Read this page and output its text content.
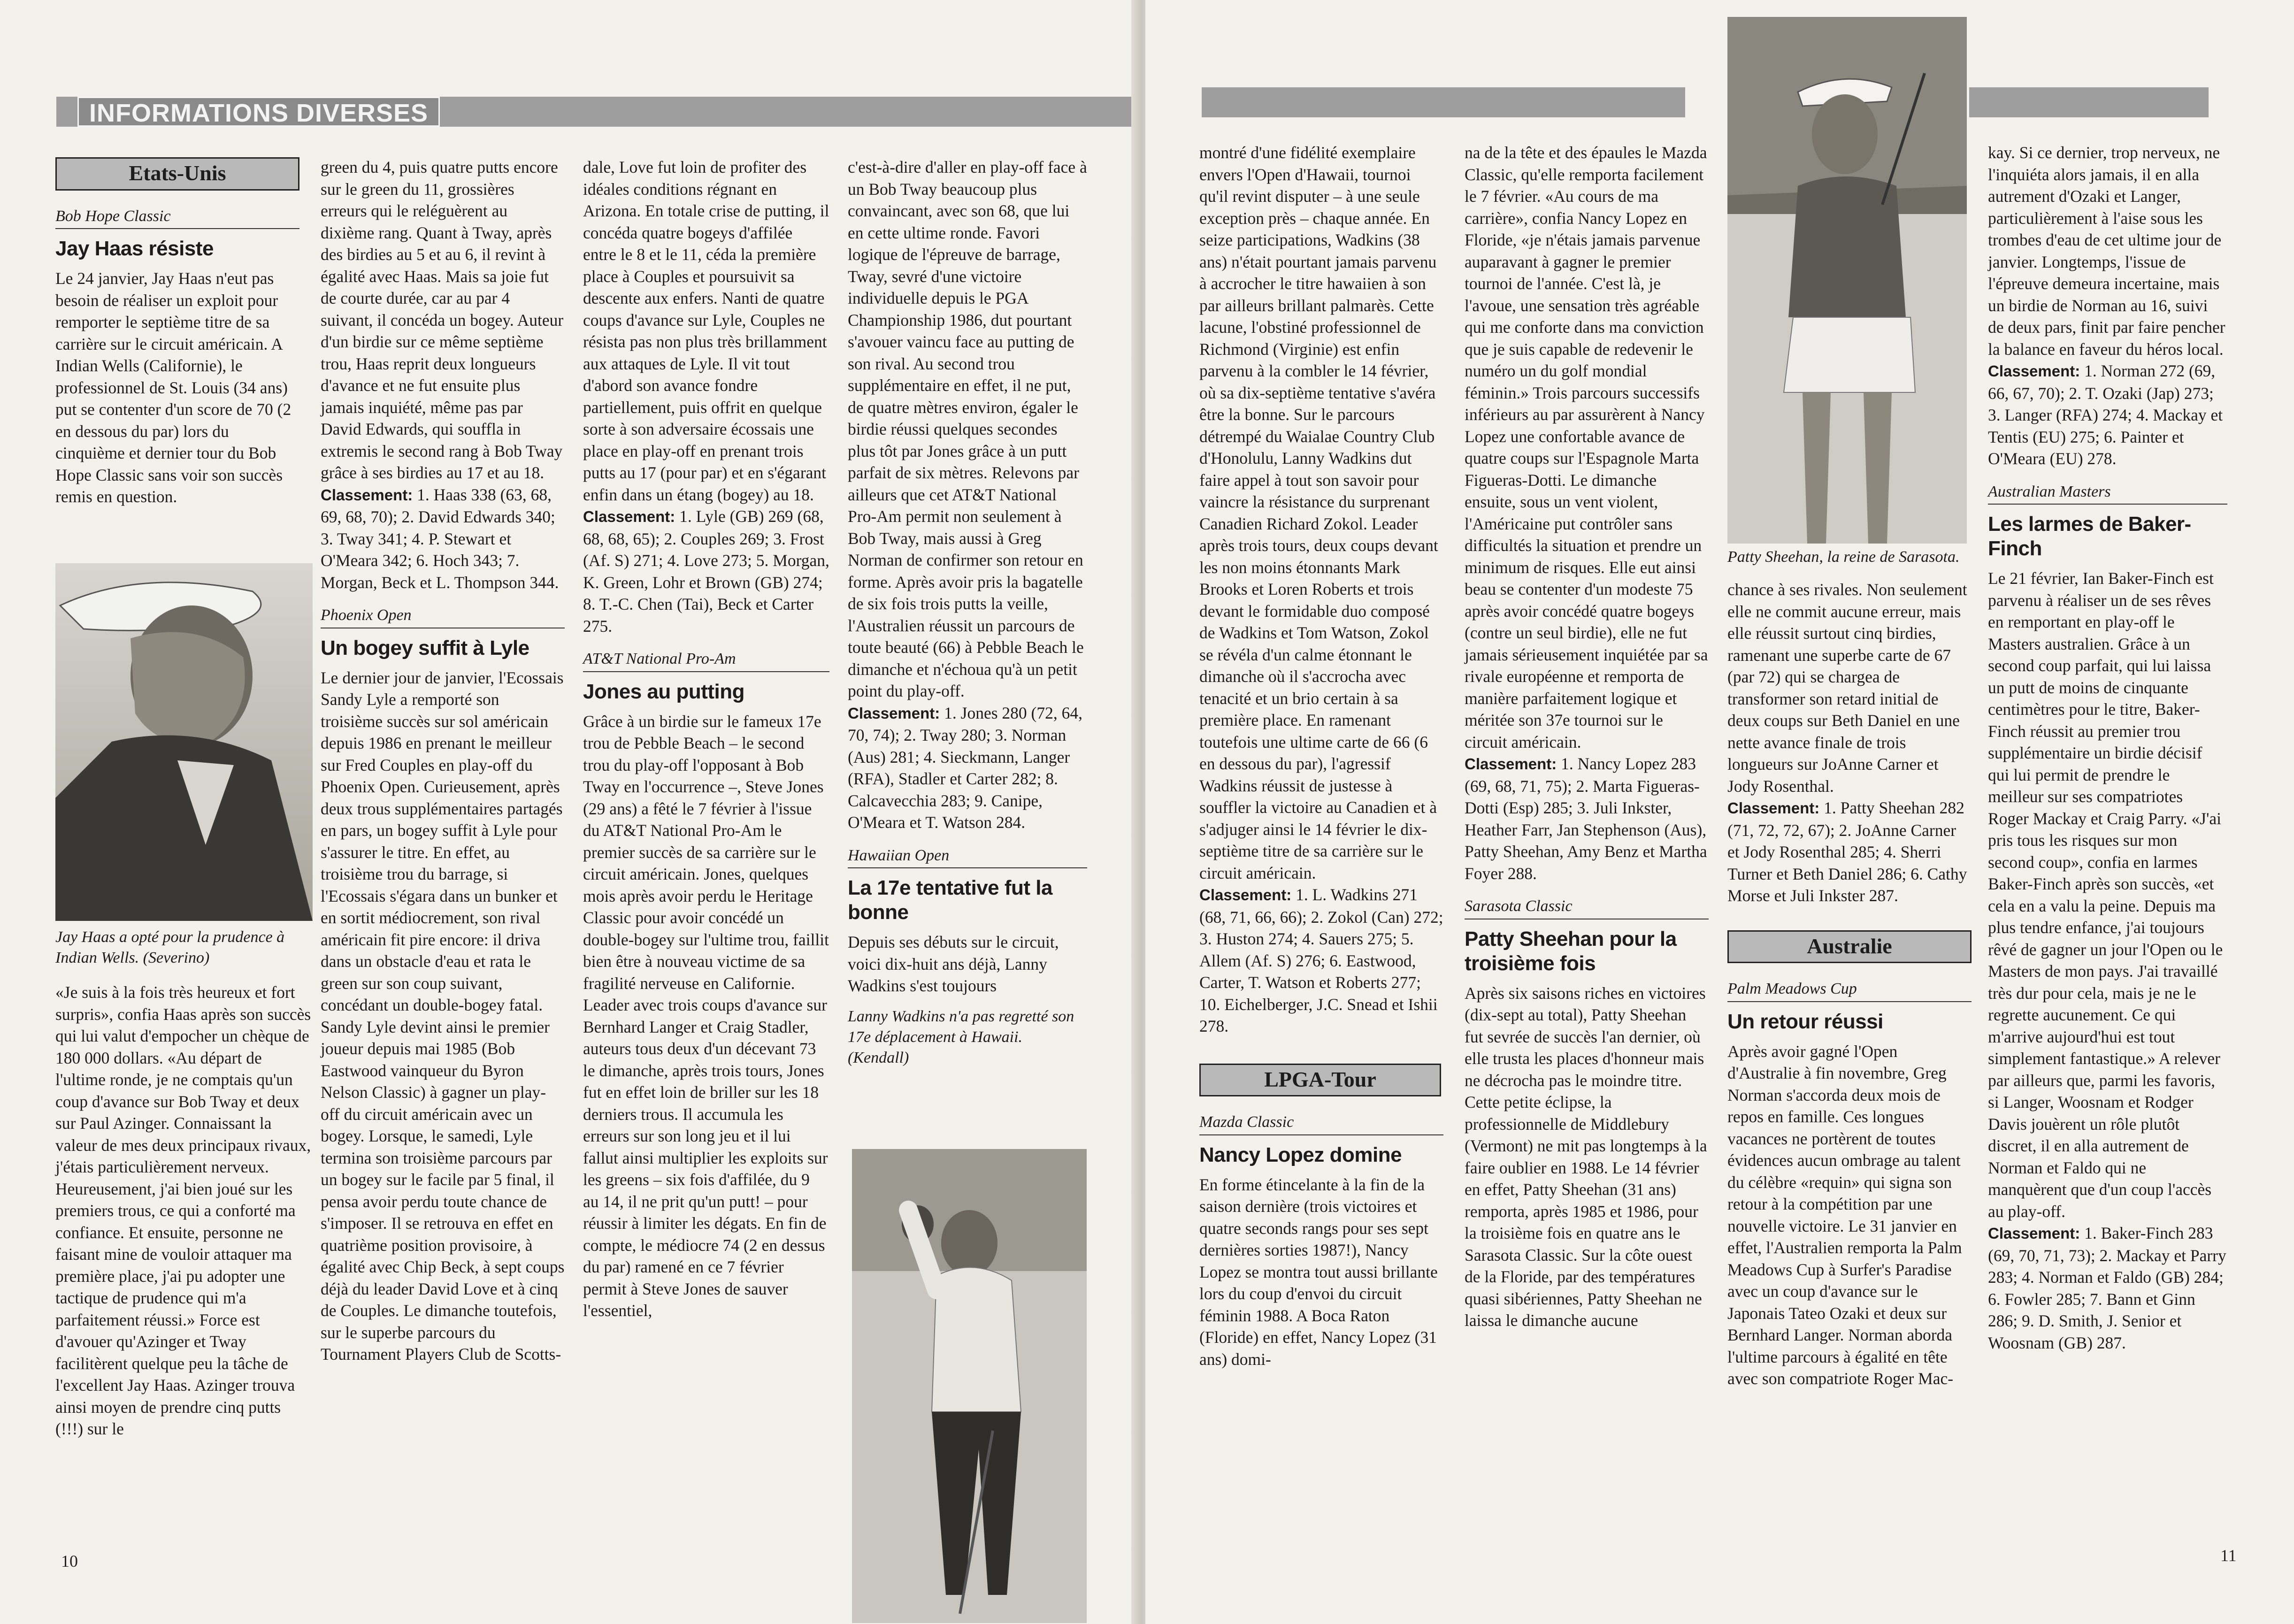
INFORMATIONS DIVERSES
Etats-Unis
Bob Hope Classic
Jay Haas résiste

Le 24 janvier, Jay Haas n'eut pas besoin de réaliser un exploit pour remporter le septième titre de sa carrière sur le circuit américain. A Indian Wells (Californie), le professionnel de St. Louis (34 ans) put se contenter d'un score de 70 (2 en dessous du par) lors du cinquième et dernier tour du Bob Hope Classic sans voir son succès remis en question.

Jay Haas a opté pour la prudence à Indian Wells. (Severino)

«Je suis à la fois très heureux et fort surpris», confia Haas après son succès qui lui valut d'empocher un chèque de 180 000 dollars. «Au départ de l'ultime ronde, je ne comptais qu'un coup d'avance sur Bob Tway et deux sur Paul Azinger. Connaissant la valeur de mes deux principaux rivaux, j'étais particulièrement nerveux. Heureusement, j'ai bien joué sur les premiers trous, ce qui a conforté ma confiance. Et ensuite, personne ne faisant mine de vouloir attaquer ma première place, j'ai pu adopter une tactique de prudence qui m'a parfaitement réussi.» Force est d'avouer qu'Azinger et Tway facilitèrent quelque peu la tâche de l'excellent Jay Haas. Azinger trouva ainsi moyen de prendre cinq putts (!!!) sur le

green du 4, puis quatre putts encore sur le green du 11, grossières erreurs qui le reléguèrent au dixième rang. Quant à Tway, après des birdies au 5 et au 6, il revint à égalité avec Haas. Mais sa joie fut de courte durée, car au par 4 suivant, il concéda un bogey. Auteur d'un birdie sur ce même septième trou, Haas reprit deux longueurs d'avance et ne fut ensuite plus jamais inquiété, même pas par David Edwards, qui souffla in extremis le second rang à Bob Tway grâce à ses birdies au 17 et au 18.

Classement: 1. Haas 338 (63, 68, 69, 68, 70); 2. David Edwards 340; 3. Tway 341; 4. P. Stewart et O'Meara 342; 6. Hoch 343; 7. Morgan, Beck et L. Thompson 344.

Phoenix Open
Un bogey suffit à Lyle

Le dernier jour de janvier, l'Ecossais Sandy Lyle a remporté son troisième succès sur sol américain depuis 1986 en prenant le meilleur sur Fred Couples en play-off du Phoenix Open. Curieusement, après deux trous supplémentaires partagés en pars, un bogey suffit à Lyle pour s'assurer le titre. En effet, au troisième trou du barrage, si l'Ecossais s'égara dans un bunker et en sortit médiocrement, son rival américain fit pire encore: il driva dans un obstacle d'eau et rata le green sur son coup suivant, concédant un double-bogey fatal. Sandy Lyle devint ainsi le premier joueur depuis mai 1985 (Bob Eastwood vainqueur du Byron Nelson Classic) à gagner un play-off du circuit américain avec un bogey. Lorsque, le samedi, Lyle termina son troisième parcours par un bogey sur le facile par 5 final, il pensa avoir perdu toute chance de s'imposer. Il se retrouva en effet en quatrième position provisoire, à égalité avec Chip Beck, à sept coups déjà du leader David Love et à cinq de Couples. Le dimanche toutefois, sur le superbe parcours du Tournament Players Club de Scotts-

dale, Love fut loin de profiter des idéales conditions régnant en Arizona. En totale crise de putting, il concéda quatre bogeys d'affilée entre le 8 et le 11, céda la première place à Couples et poursuivit sa descente aux enfers. Nanti de quatre coups d'avance sur Lyle, Couples ne résista pas non plus très brillamment aux attaques de Lyle. Il vit tout d'abord son avance fondre partiellement, puis offrit en quelque sorte à son adversaire écossais une place en play-off en prenant trois putts au 17 (pour par) et en s'égarant enfin dans un étang (bogey) au 18.

Classement: 1. Lyle (GB) 269 (68, 68, 68, 65); 2. Couples 269; 3. Frost (Af. S) 271; 4. Love 273; 5. Morgan, K. Green, Lohr et Brown (GB) 274; 8. T.-C. Chen (Tai), Beck et Carter 275.

AT&T National Pro-Am
Jones au putting

Grâce à un birdie sur le fameux 17e trou de Pebble Beach – le second trou du play-off l'opposant à Bob Tway en l'occurrence –, Steve Jones (29 ans) a fêté le 7 février à l'issue du AT&T National Pro-Am le premier succès de sa carrière sur le circuit américain. Jones, quelques mois après avoir perdu le Heritage Classic pour avoir concédé un double-bogey sur l'ultime trou, faillit bien être à nouveau victime de sa fragilité nerveuse en Californie. Leader avec trois coups d'avance sur Bernhard Langer et Craig Stadler, auteurs tous deux d'un décevant 73 le dimanche, après trois tours, Jones fut en effet loin de briller sur les 18 derniers trous. Il accumula les erreurs sur son long jeu et il lui fallut ainsi multiplier les exploits sur les greens – six fois d'affilée, du 9 au 14, il ne prit qu'un putt! – pour réussir à limiter les dégats. En fin de compte, le médiocre 74 (2 en dessus du par) ramené en ce 7 février permit à Steve Jones de sauver l'essentiel,

c'est-à-dire d'aller en play-off face à un Bob Tway beaucoup plus convaincant, avec son 68, que lui en cette ultime ronde. Favori logique de l'épreuve de barrage, Tway, sevré d'une victoire individuelle depuis le PGA Championship 1986, dut pourtant s'avouer vaincu face au putting de son rival. Au second trou supplémentaire en effet, il ne put, de quatre mètres environ, égaler le birdie réussi quelques secondes plus tôt par Jones grâce à un putt parfait de six mètres. Relevons par ailleurs que cet AT&T National Pro-Am permit non seulement à Bob Tway, mais aussi à Greg Norman de confirmer son retour en forme. Après avoir pris la bagatelle de six fois trois putts la veille, l'Australien réussit un parcours de toute beauté (66) à Pebble Beach le dimanche et n'échoua qu'à un petit point du play-off.

Classement: 1. Jones 280 (72, 64, 70, 74); 2. Tway 280; 3. Norman (Aus) 281; 4. Sieckmann, Langer (RFA), Stadler et Carter 282; 8. Calcavecchia 283; 9. Canipe, O'Meara et T. Watson 284.

Hawaiian Open
La 17e tentative fut la bonne

Depuis ses débuts sur le circuit, voici dix-huit ans déjà, Lanny Wadkins s'est toujours

Lanny Wadkins n'a pas regretté son 17e déplacement à Hawaii. (Kendall)

10

montré d'une fidélité exemplaire envers l'Open d'Hawaii, tournoi qu'il revint disputer – à une seule exception près – chaque année. En seize participations, Wadkins (38 ans) n'était pourtant jamais parvenu à accrocher le titre hawaiien à son par ailleurs brillant palmarès. Cette lacune, l'obstiné professionnel de Richmond (Virginie) est enfin parvenu à la combler le 14 février, où sa dix-septième tentative s'avéra être la bonne. Sur le parcours détrempé du Waialae Country Club d'Honolulu, Lanny Wadkins dut faire appel à tout son savoir pour vaincre la résistance du surprenant Canadien Richard Zokol. Leader après trois tours, deux coups devant les non moins étonnants Mark Brooks et Loren Roberts et trois devant le formidable duo composé de Wadkins et Tom Watson, Zokol se révéla d'un calme étonnant le dimanche où il s'accrocha avec tenacité et un brio certain à sa première place. En ramenant toutefois une ultime carte de 66 (6 en dessous du par), l'agressif Wadkins réussit de justesse à souffler la victoire au Canadien et à s'adjuger ainsi le 14 février le dix-septième titre de sa carrière sur le circuit américain.

Classement: 1. L. Wadkins 271 (68, 71, 66, 66); 2. Zokol (Can) 272; 3. Huston 274; 4. Sauers 275; 5. Allem (Af. S) 276; 6. Eastwood, Carter, T. Watson et Roberts 277; 10. Eichelberger, J.C. Snead et Ishii 278.

LPGA-Tour
Mazda Classic
Nancy Lopez domine

En forme étincelante à la fin de la saison dernière (trois victoires et quatre seconds rangs pour ses sept dernières sorties 1987!), Nancy Lopez se montra tout aussi brillante lors du coup d'envoi du circuit féminin 1988. A Boca Raton (Floride) en effet, Nancy Lopez (31 ans) domi-

na de la tête et des épaules le Mazda Classic, qu'elle remporta facilement le 7 février. «Au cours de ma carrière», confia Nancy Lopez en Floride, «je n'étais jamais parvenue auparavant à gagner le premier tournoi de l'année. C'est là, je l'avoue, une sensation très agréable qui me conforte dans ma conviction que je suis capable de redevenir le numéro un du golf mondial féminin.» Trois parcours successifs inférieurs au par assurèrent à Nancy Lopez une confortable avance de quatre coups sur l'Espagnole Marta Figueras-Dotti. Le dimanche ensuite, sous un vent violent, l'Américaine put contrôler sans difficultés la situation et prendre un minimum de risques. Elle eut ainsi beau se contenter d'un modeste 75 après avoir concédé quatre bogeys (contre un seul birdie), elle ne fut jamais sérieusement inquiétée par sa rivale européenne et remporta de manière parfaitement logique et méritée son 37e tournoi sur le circuit américain.

Classement: 1. Nancy Lopez 283 (69, 68, 71, 75); 2. Marta Figueras-Dotti (Esp) 285; 3. Juli Inkster, Heather Farr, Jan Stephenson (Aus), Patty Sheehan, Amy Benz et Martha Foyer 288.

Sarasota Classic
Patty Sheehan pour la troisième fois

Après six saisons riches en victoires (dix-sept au total), Patty Sheehan fut sevrée de succès l'an dernier, où elle trusta les places d'honneur mais ne décrocha pas le moindre titre. Cette petite éclipse, la professionnelle de Middlebury (Vermont) ne mit pas longtemps à la faire oublier en 1988. Le 14 février en effet, Patty Sheehan (31 ans) remporta, après 1985 et 1986, pour la troisième fois en quatre ans le Sarasota Classic. Sur la côte ouest de la Floride, par des températures quasi sibériennes, Patty Sheehan ne laissa le dimanche aucune

Patty Sheehan, la reine de Sarasota.

chance à ses rivales. Non seulement elle ne commit aucune erreur, mais elle réussit surtout cinq birdies, ramenant une superbe carte de 67 (par 72) qui se chargea de transformer son retard initial de deux coups sur Beth Daniel en une nette avance finale de trois longueurs sur JoAnne Carner et Jody Rosenthal.

Classement: 1. Patty Sheehan 282 (71, 72, 72, 67); 2. JoAnne Carner et Jody Rosenthal 285; 4. Sherri Turner et Beth Daniel 286; 6. Cathy Morse et Juli Inkster 287.

Australie
Palm Meadows Cup
Un retour réussi

Après avoir gagné l'Open d'Australie à fin novembre, Greg Norman s'accorda deux mois de repos en famille. Ces longues vacances ne portèrent de toutes évidences aucun ombrage au talent du célèbre «requin» qui signa son retour à la compétition par une nouvelle victoire. Le 31 janvier en effet, l'Australien remporta la Palm Meadows Cup à Surfer's Paradise avec un coup d'avance sur le Japonais Tateo Ozaki et deux sur Bernhard Langer. Norman aborda l'ultime parcours à égalité en tête avec son compatriote Roger Mac-

kay. Si ce dernier, trop nerveux, ne l'inquiéta alors jamais, il en alla autrement d'Ozaki et Langer, particulièrement à l'aise sous les trombes d'eau de cet ultime jour de janvier. Longtemps, l'issue de l'épreuve demeura incertaine, mais un birdie de Norman au 16, suivi de deux pars, finit par faire pencher la balance en faveur du héros local.

Classement: 1. Norman 272 (69, 66, 67, 70); 2. T. Ozaki (Jap) 273; 3. Langer (RFA) 274; 4. Mackay et Tentis (EU) 275; 6. Painter et O'Meara (EU) 278.

Australian Masters
Les larmes de Baker-Finch

Le 21 février, Ian Baker-Finch est parvenu à réaliser un de ses rêves en remportant en play-off le Masters australien. Grâce à un second coup parfait, qui lui laissa un putt de moins de cinquante centimètres pour le titre, Baker-Finch réussit au premier trou supplémentaire un birdie décisif qui lui permit de prendre le meilleur sur ses compatriotes Roger Mackay et Craig Parry. «J'ai pris tous les risques sur mon second coup», confia en larmes Baker-Finch après son succès, «et cela en a valu la peine. Depuis ma plus tendre enfance, j'ai toujours rêvé de gagner un jour l'Open ou le Masters de mon pays. J'ai travaillé très dur pour cela, mais je ne le regrette aucunement. Ce qui m'arrive aujourd'hui est tout simplement fantastique.» A relever par ailleurs que, parmi les favoris, si Langer, Woosnam et Rodger Davis jouèrent un rôle plutôt discret, il en alla autrement de Norman et Faldo qui ne manquèrent que d'un coup l'accès au play-off.

Classement: 1. Baker-Finch 283 (69, 70, 71, 73); 2. Mackay et Parry 283; 4. Norman et Faldo (GB) 284; 6. Fowler 285; 7. Bann et Ginn 286; 9. D. Smith, J. Senior et Woosnam (GB) 287.

11
